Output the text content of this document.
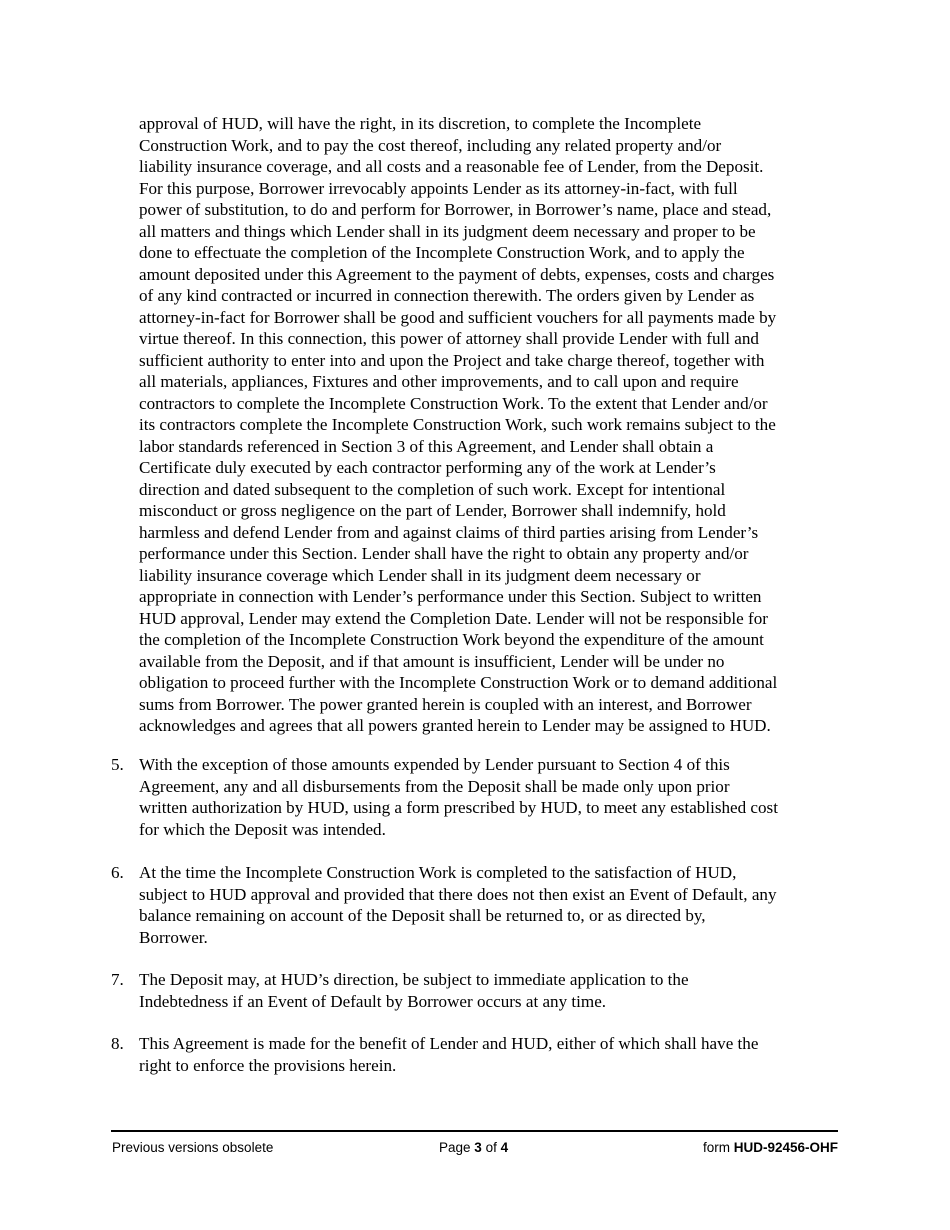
approval of HUD, will have the right, in its discretion, to complete the Incomplete
Construction Work, and to pay the cost thereof, including any related property and/or
liability insurance coverage, and all costs and a reasonable fee of Lender, from the Deposit.
For this purpose, Borrower irrevocably appoints Lender as its attorney-in-fact, with full
power of substitution, to do and perform for Borrower, in Borrower’s name, place and stead,
all matters and things which Lender shall in its judgment deem necessary and proper to be
done to effectuate the completion of the Incomplete Construction Work, and to apply the
amount deposited under this Agreement to the payment of debts, expenses, costs and charges
of any kind contracted or incurred in connection therewith. The orders given by Lender as
attorney-in-fact for Borrower shall be good and sufficient vouchers for all payments made by
virtue thereof. In this connection, this power of attorney shall provide Lender with full and
sufficient authority to enter into and upon the Project and take charge thereof, together with
all materials, appliances, Fixtures and other improvements, and to call upon and require
contractors to complete the Incomplete Construction Work. To the extent that Lender and/or
its contractors complete the Incomplete Construction Work, such work remains subject to the
labor standards referenced in Section 3 of this Agreement, and Lender shall obtain a
Certificate duly executed by each contractor performing any of the work at Lender’s
direction and dated subsequent to the completion of such work. Except for intentional
misconduct or gross negligence on the part of Lender, Borrower shall indemnify, hold
harmless and defend Lender from and against claims of third parties arising from Lender’s
performance under this Section. Lender shall have the right to obtain any property and/or
liability insurance coverage which Lender shall in its judgment deem necessary or
appropriate in connection with Lender’s performance under this Section. Subject to written
HUD approval, Lender may extend the Completion Date. Lender will not be responsible for
the completion of the Incomplete Construction Work beyond the expenditure of the amount
available from the Deposit, and if that amount is insufficient, Lender will be under no
obligation to proceed further with the Incomplete Construction Work or to demand additional
sums from Borrower. The power granted herein is coupled with an interest, and Borrower
acknowledges and agrees that all powers granted herein to Lender may be assigned to HUD.
5. With the exception of those amounts expended by Lender pursuant to Section 4 of this
Agreement, any and all disbursements from the Deposit shall be made only upon prior
written authorization by HUD, using a form prescribed by HUD, to meet any established cost
for which the Deposit was intended.
6. At the time the Incomplete Construction Work is completed to the satisfaction of HUD,
subject to HUD approval and provided that there does not then exist an Event of Default, any
balance remaining on account of the Deposit shall be returned to, or as directed by,
Borrower.
7. The Deposit may, at HUD’s direction, be subject to immediate application to the
Indebtedness if an Event of Default by Borrower occurs at any time.
8. This Agreement is made for the benefit of Lender and HUD, either of which shall have the
right to enforce the provisions herein.
Previous versions obsolete	Page 3 of 4	form HUD-92456-OHF
